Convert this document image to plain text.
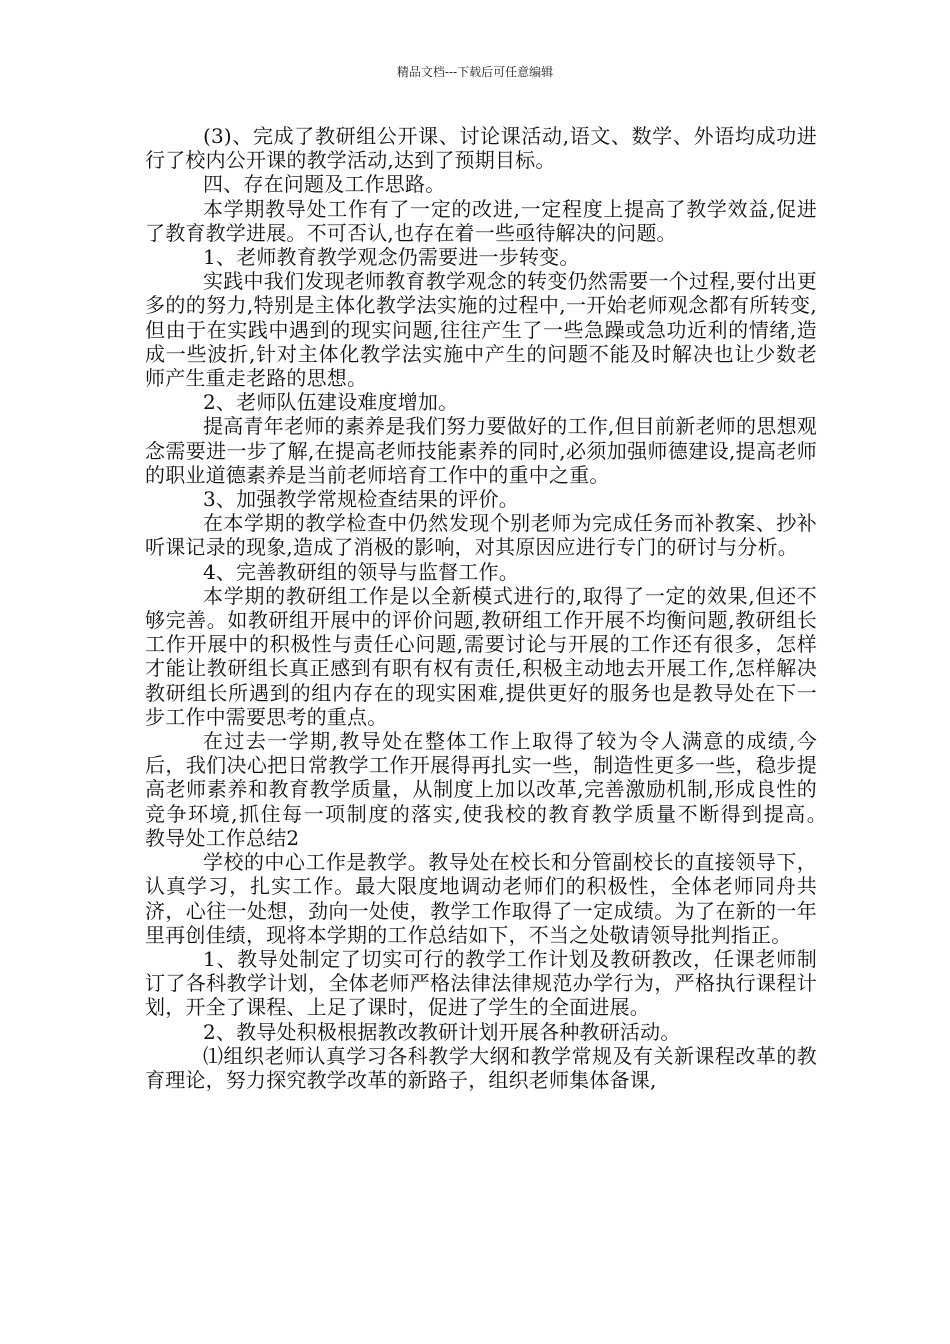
精品文档---下载后可任意编辑

(3)、完成了教研组公开课、讨论课活动,语文、数学、外语均成功进行了校内公开课的教学活动,达到了预期目标。

四、存在问题及工作思路。

本学期教导处工作有了一定的改进,一定程度上提高了教学效益,促进了教育教学进展。不可否认,也存在着一些亟待解决的问题。

1、老师教育教学观念仍需要进一步转变。

实践中我们发现老师教育教学观念的转变仍然需要一个过程,要付出更多的的努力,特别是主体化教学法实施的过程中,一开始老师观念都有所转变,但由于在实践中遇到的现实问题,往往产生了一些急躁或急功近利的情绪,造成一些波折,针对主体化教学法实施中产生的问题不能及时解决也让少数老师产生重走老路的思想。

2、老师队伍建设难度增加。

提高青年老师的素养是我们努力要做好的工作,但目前新老师的思想观念需要进一步了解,在提高老师技能素养的同时,必须加强师德建设,提高老师的职业道德素养是当前老师培育工作中的重中之重。

3、加强教学常规检查结果的评价。

在本学期的教学检查中仍然发现个别老师为完成任务而补教案、抄补听课记录的现象,造成了消极的影响，对其原因应进行专门的研讨与分析。

4、完善教研组的领导与监督工作。

本学期的教研组工作是以全新模式进行的,取得了一定的效果,但还不够完善。如教研组开展中的评价问题,教研组工作开展不均衡问题,教研组长工作开展中的积极性与责任心问题,需要讨论与开展的工作还有很多，怎样才能让教研组长真正感到有职有权有责任,积极主动地去开展工作,怎样解决教研组长所遇到的组内存在的现实困难,提供更好的服务也是教导处在下一步工作中需要思考的重点。

在过去一学期,教导处在整体工作上取得了较为令人满意的成绩,今后，我们决心把日常教学工作开展得再扎实一些，制造性更多一些，稳步提高老师素养和教育教学质量，从制度上加以改革,完善激励机制,形成良性的竞争环境,抓住每一项制度的落实,使我校的教育教学质量不断得到提高。　　教导处工作总结2

学校的中心工作是教学。教导处在校长和分管副校长的直接领导下，认真学习，扎实工作。最大限度地调动老师们的积极性，全体老师同舟共济，心往一处想，劲向一处使，教学工作取得了一定成绩。为了在新的一年里再创佳绩，现将本学期的工作总结如下，不当之处敬请领导批判指正。

1、教导处制定了切实可行的教学工作计划及教研教改，任课老师制订了各科教学计划，全体老师严格法律法律规范办学行为，严格执行课程计划，开全了课程、上足了课时，促进了学生的全面进展。

2、教导处积极根据教改教研计划开展各种教研活动。

⑴组织老师认真学习各科教学大纲和教学常规及有关新课程改革的教育理论，努力探究教学改革的新路子，组织老师集体备课,
